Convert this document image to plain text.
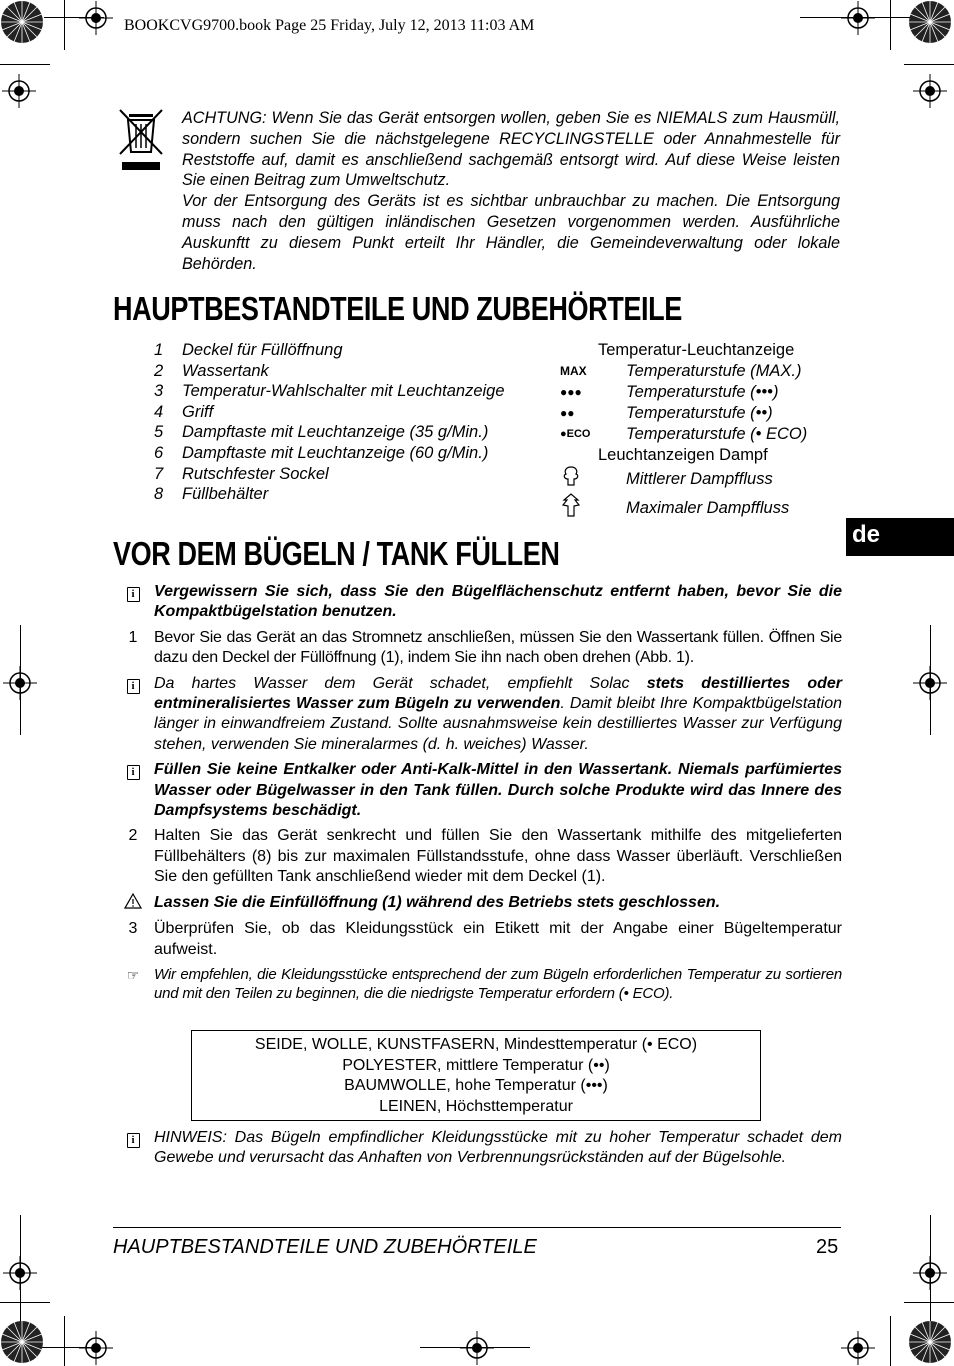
BOOKCVG9700.book Page 25 Friday, July 12, 2013 11:03 AM

ACHTUNG: Wenn Sie das Gerät entsorgen wollen, geben Sie es NIEMALS zum Hausmüll, sondern suchen Sie die nächstgelegene RECYCLINGSTELLE oder Annahmestelle für Reststoffe auf, damit es anschließend sachgemäß entsorgt wird. Auf diese Weise leisten Sie einen Beitrag zum Umweltschutz.

Vor der Entsorgung des Geräts ist es sichtbar unbrauchbar zu machen. Die Entsorgung muss nach den gültigen inländischen Gesetzen vorgenommen werden. Ausführliche Auskunftt zu diesem Punkt erteilt Ihr Händler, die Gemeindeverwaltung oder lokale Behörden.

HAUPTBESTANDTEILE UND ZUBEHÖRTEILE
1	Deckel für Füllöffnung
2	Wassertank
3	Temperatur-Wahlschalter mit Leuchtanzeige
4	Griff
5	Dampftaste mit Leuchtanzeige (35 g/Min.)
6	Dampftaste mit Leuchtanzeige (60 g/Min.)
7	Rutschfester Sockel
8	Füllbehälter
Temperatur-Leuchtanzeige
MAX	Temperaturstufe (MAX.)
●●●	Temperaturstufe (•••)
●●	Temperaturstufe (••)
●ECO	Temperaturstufe (• ECO)
Leuchtanzeigen Dampf
Mittlerer Dampffluss
Maximaler Dampffluss
de
VOR DEM BÜGELN / TANK FÜLLEN
i	Vergewissern Sie sich, dass Sie den Bügelflächenschutz entfernt haben, bevor Sie die Kompaktbügelstation benutzen.
1	Bevor Sie das Gerät an das Stromnetz anschließen, müssen Sie den Wassertank füllen. Öffnen Sie dazu den Deckel der Füllöffnung (1), indem Sie ihn nach oben drehen (Abb. 1).
i	Da hartes Wasser dem Gerät schadet, empfiehlt Solac stets destilliertes oder entmineralisiertes Wasser zum Bügeln zu verwenden. Damit bleibt Ihre Kompaktbügelstation länger in einwandfreiem Zustand. Sollte ausnahmsweise kein destilliertes Wasser zur Verfügung stehen, verwenden Sie mineralarmes (d. h. weiches) Wasser.
i	Füllen Sie keine Entkalker oder Anti-Kalk-Mittel in den Wassertank. Niemals parfümiertes Wasser oder Bügelwasser in den Tank füllen. Durch solche Produkte wird das Innere des Dampfsystems beschädigt.
2	Halten Sie das Gerät senkrecht und füllen Sie den Wassertank mithilfe des mitgelieferten Füllbehälters (8) bis zur maximalen Füllstandsstufe, ohne dass Wasser überläuft. Verschließen Sie den gefüllten Tank anschließend wieder mit dem Deckel (1).
Lassen Sie die Einfüllöffnung (1) während des Betriebs stets geschlossen.
3	Überprüfen Sie, ob das Kleidungsstück ein Etikett mit der Angabe einer Bügeltemperatur aufweist.
☞ Wir empfehlen, die Kleidungsstücke entsprechend der zum Bügeln erforderlichen Temperatur zu sortieren und mit den Teilen zu beginnen, die die niedrigste Temperatur erfordern (• ECO).
SEIDE, WOLLE, KUNSTFASERN, Mindesttemperatur (• ECO)
POLYESTER, mittlere Temperatur (••)
BAUMWOLLE, hohe Temperatur (•••)
LEINEN, Höchsttemperatur
i	HINWEIS: Das Bügeln empfindlicher Kleidungsstücke mit zu hoher Temperatur schadet dem Gewebe und verursacht das Anhaften von Verbrennungsrückständen auf der Bügelsohle.
HAUPTBESTANDTEILE UND ZUBEHÖRTEILE	25
